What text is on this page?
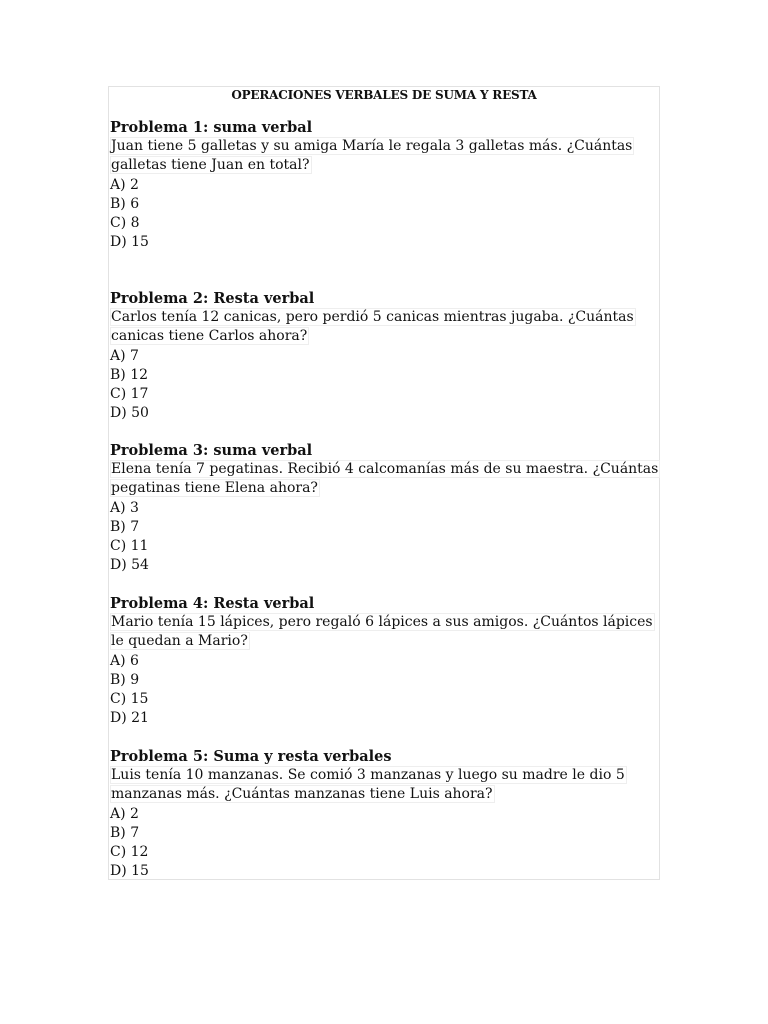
OPERACIONES VERBALES DE SUMA Y RESTA
Problema 1: suma verbal
Juan tiene 5 galletas y su amiga María le regala 3 galletas más. ¿Cuántas
galletas tiene Juan en total?
A) 2
B) 6
C) 8
D) 15
Problema 2: Resta verbal
Carlos tenía 12 canicas, pero perdió 5 canicas mientras jugaba. ¿Cuántas
canicas tiene Carlos ahora?
A) 7
B) 12
C) 17
D) 50
Problema 3: suma verbal
Elena tenía 7 pegatinas. Recibió 4 calcomanías más de su maestra. ¿Cuántas
pegatinas tiene Elena ahora?
A) 3
B) 7
C) 11
D) 54
Problema 4: Resta verbal
Mario tenía 15 lápices, pero regaló 6 lápices a sus amigos. ¿Cuántos lápices
le quedan a Mario?
A) 6
B) 9
C) 15
D) 21
Problema 5: Suma y resta verbales
Luis tenía 10 manzanas. Se comió 3 manzanas y luego su madre le dio 5
manzanas más. ¿Cuántas manzanas tiene Luis ahora?
A) 2
B) 7
C) 12
D) 15
